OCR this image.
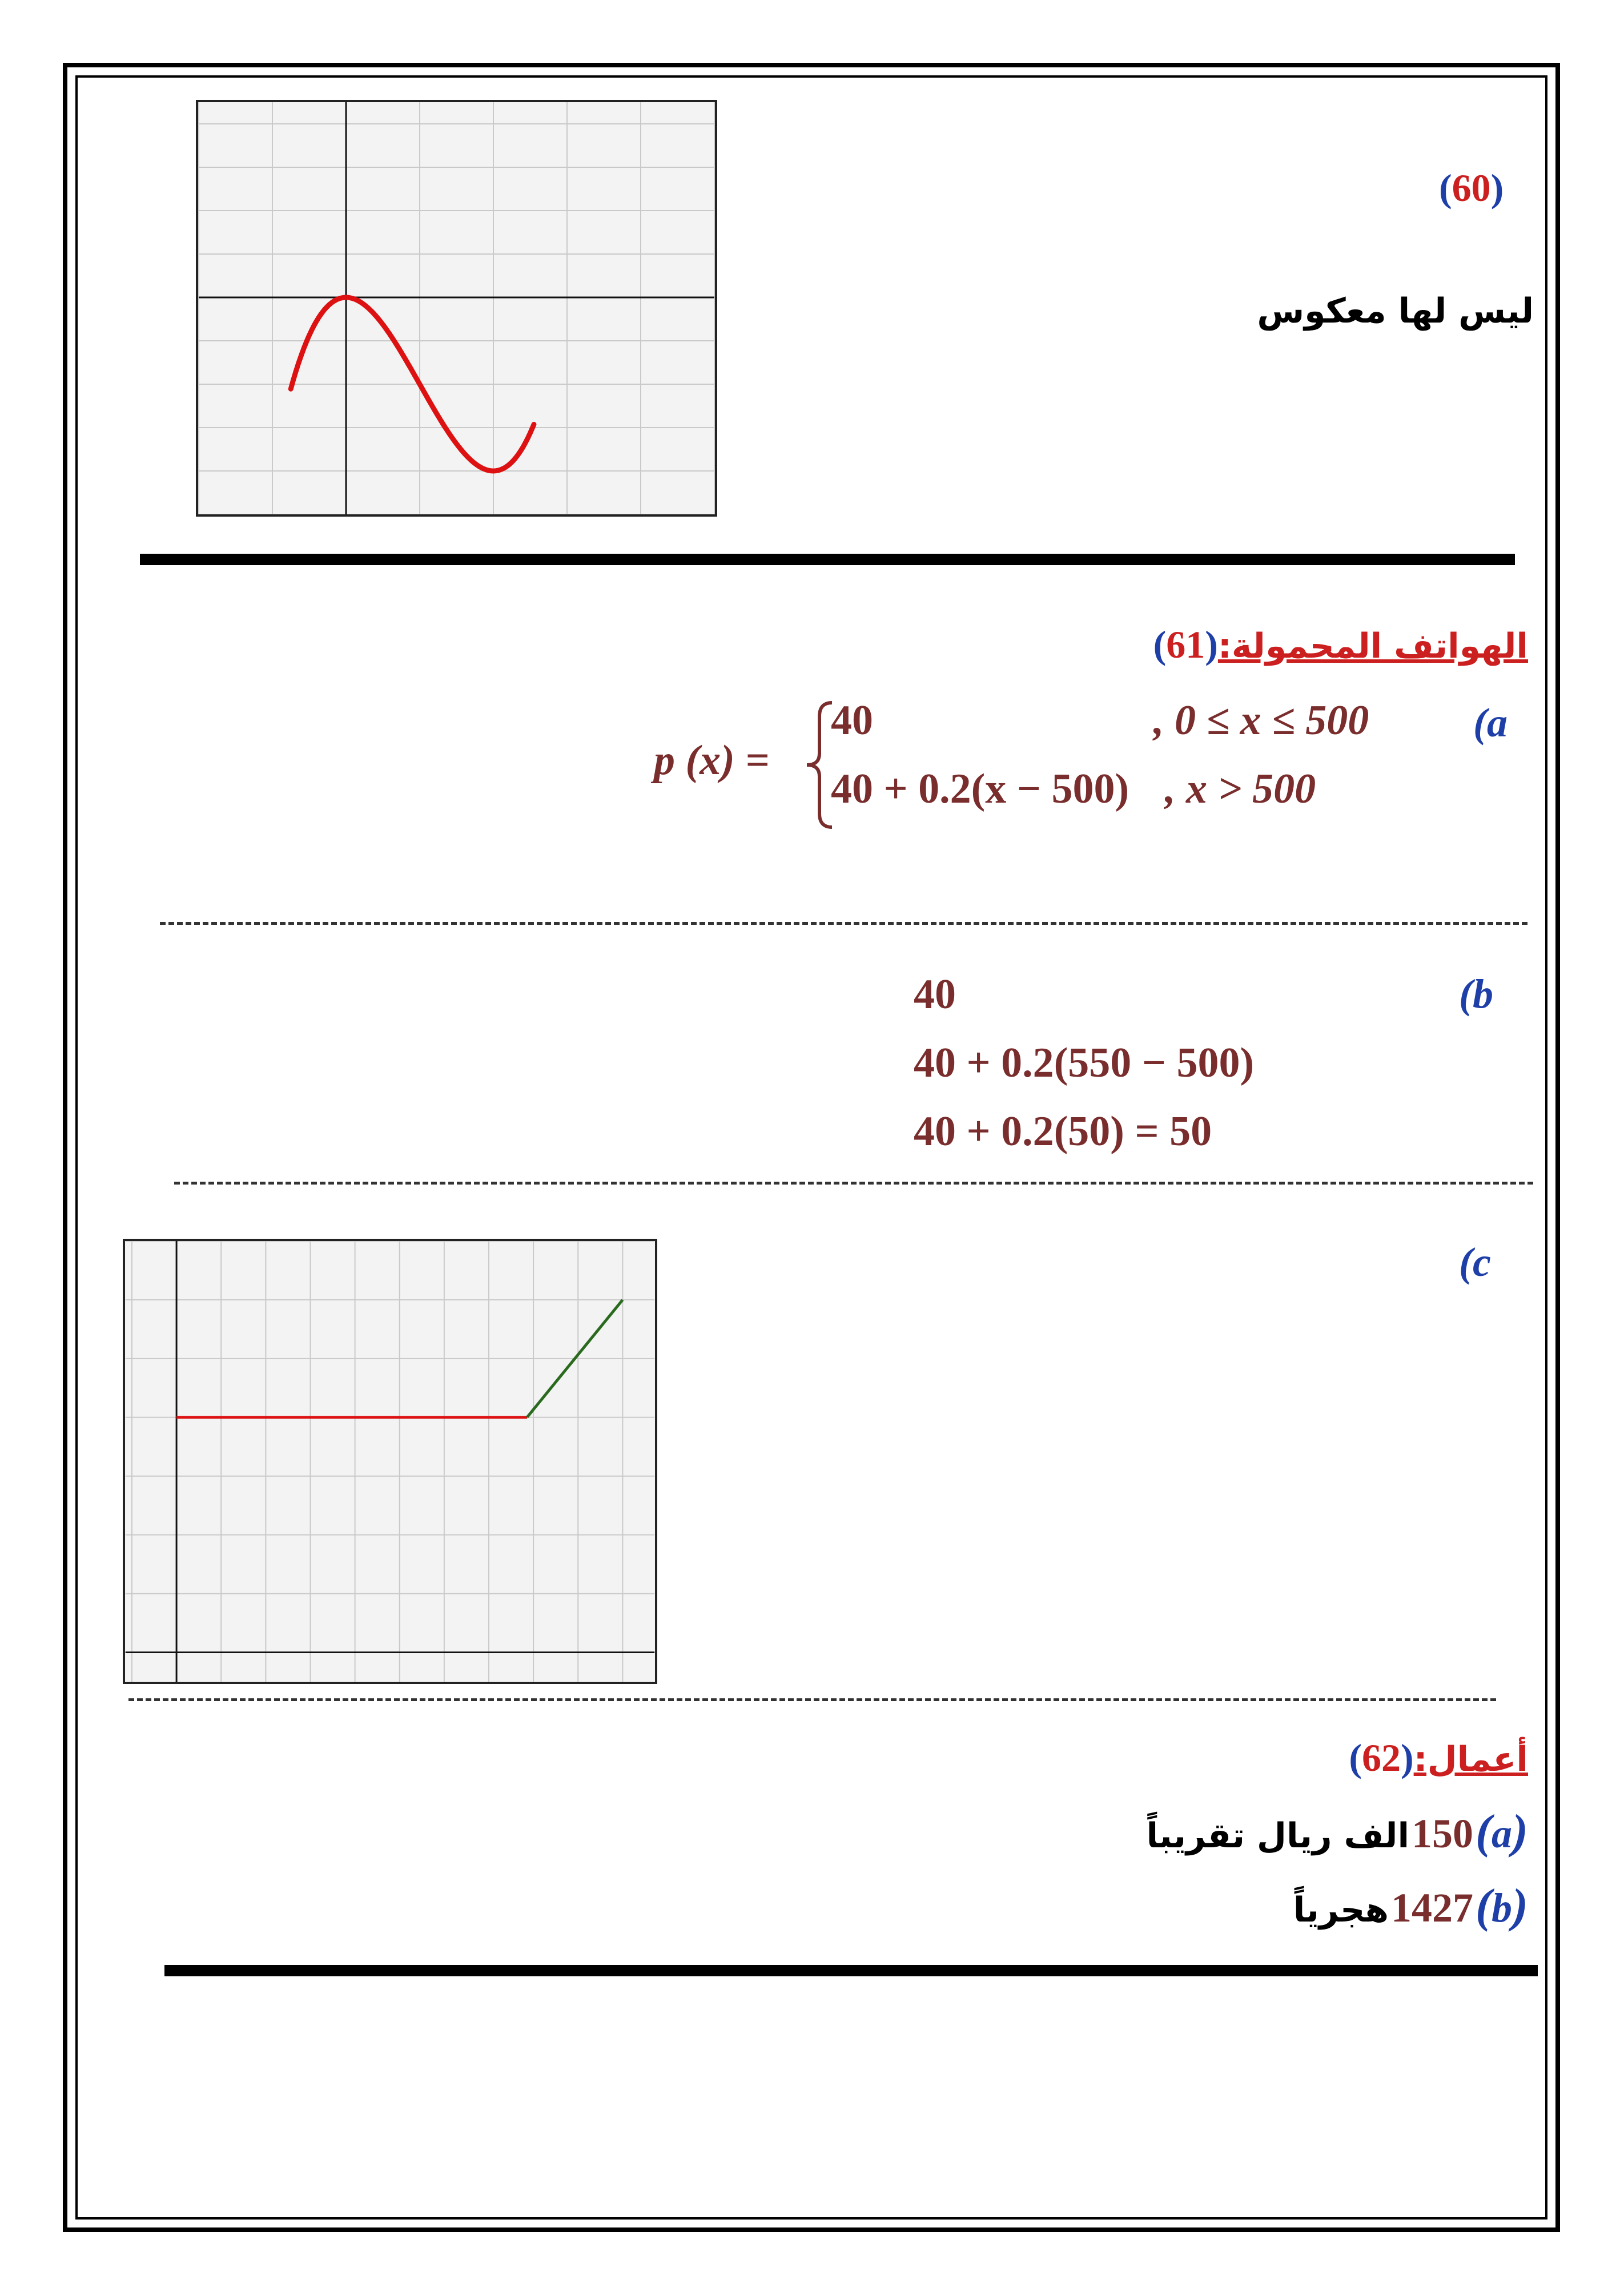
(60)
ليس لها معكوس
الهواتف المحمولة:(61)
(a
p (x) =
40	, 0 ≤ x ≤ 500
40 + 0.2(x − 500) , x > 500
(b
40
40 + 0.2(550 − 500)
40 + 0.2(50) = 50
(c
أعمال:(62)
(a) 150 الف ريال تقريباً
(b) 1427 هجرياً
